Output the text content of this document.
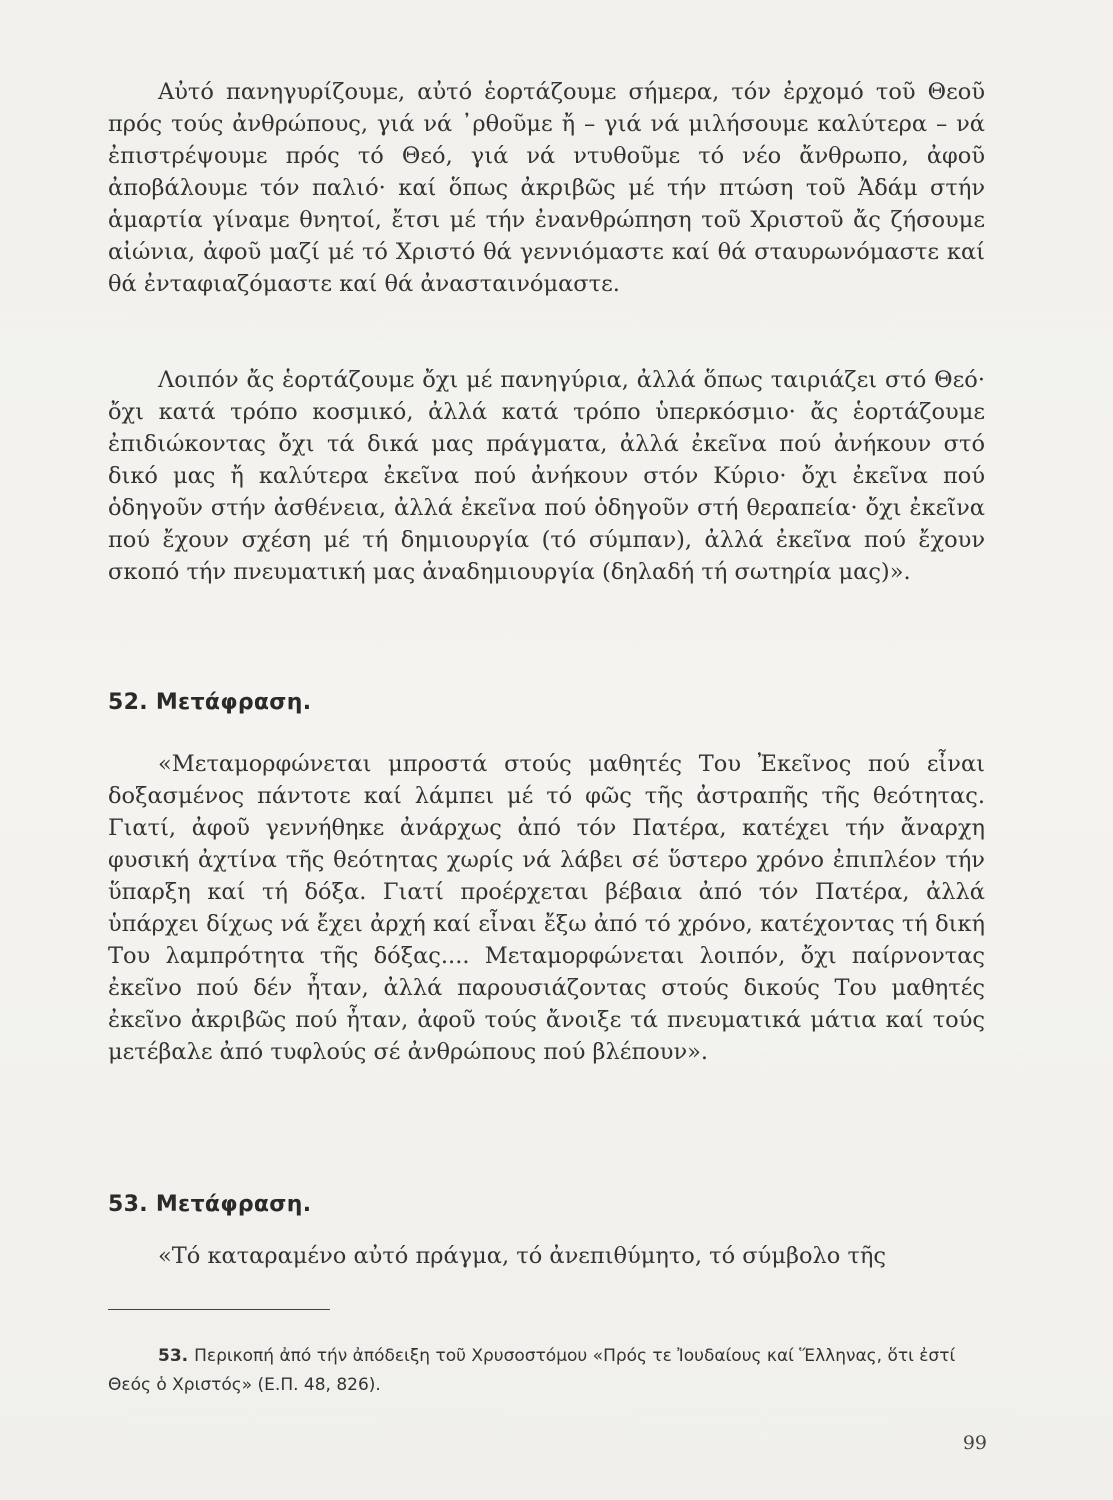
Αὐτό πανηγυρίζουμε, αὐτό ἑορτάζουμε σήμερα, τόν ἐρχομό τοῦ Θεοῦ πρός τούς ἀνθρώπους, γιά νά ᾿ρθοῦμε ἤ – γιά νά μιλήσουμε καλύτερα – νά ἐπιστρέψουμε πρός τό Θεό, γιά νά ντυθοῦμε τό νέο ἄνθρωπο, ἀφοῦ ἀποβάλουμε τόν παλιό· καί ὅπως ἀκριβῶς μέ τήν πτώση τοῦ Ἀδάμ στήν ἁμαρτία γίναμε θνητοί, ἔτσι μέ τήν ἐνανθρώπηση τοῦ Χριστοῦ ἄς ζήσουμε αἰώνια, ἀφοῦ μαζί μέ τό Χριστό θά γεννιόμαστε καί θά σταυρωνόμαστε καί θά ἐνταφιαζόμαστε καί θά ἀνασταινόμαστε.

Λοιπόν ἄς ἑορτάζουμε ὄχι μέ πανηγύρια, ἀλλά ὅπως ταιριάζει στό Θεό· ὄχι κατά τρόπο κοσμικό, ἀλλά κατά τρόπο ὑπερκόσμιο· ἄς ἑορτάζουμε ἐπιδιώκοντας ὄχι τά δικά μας πράγματα, ἀλλά ἐκεῖνα πού ἀνήκουν στό δικό μας ἤ καλύτερα ἐκεῖνα πού ἀνήκουν στόν Κύριο· ὄχι ἐκεῖνα πού ὁδηγοῦν στήν ἀσθένεια, ἀλλά ἐκεῖνα πού ὁδηγοῦν στή θεραπεία· ὄχι ἐκεῖνα πού ἔχουν σχέση μέ τή δημιουργία (τό σύμπαν), ἀλλά ἐκεῖνα πού ἔχουν σκοπό τήν πνευματική μας ἀναδημιουργία (δηλαδή τή σωτηρία μας)».

52. Μετάφραση.

«Μεταμορφώνεται μπροστά στούς μαθητές Του Ἐκεῖνος πού εἶναι δοξασμένος πάντοτε καί λάμπει μέ τό φῶς τῆς ἀστραπῆς τῆς θεότητας. Γιατί, ἀφοῦ γεννήθηκε ἀνάρχως ἀπό τόν Πατέρα, κατέχει τήν ἄναρχη φυσική ἀχτίνα τῆς θεότητας χωρίς νά λάβει σέ ὕστερο χρόνο ἐπιπλέον τήν ὕπαρξη καί τή δόξα. Γιατί προέρχεται βέβαια ἀπό τόν Πατέρα, ἀλλά ὑπάρχει δίχως νά ἔχει ἀρχή καί εἶναι ἔξω ἀπό τό χρόνο, κατέχοντας τή δική Του λαμπρότητα τῆς δόξας.... Μεταμορφώνεται λοιπόν, ὄχι παίρνοντας ἐκεῖνο πού δέν ἦταν, ἀλλά παρουσιάζοντας στούς δικούς Του μαθητές ἐκεῖνο ἀκριβῶς πού ἦταν, ἀφοῦ τούς ἄνοιξε τά πνευματικά μάτια καί τούς μετέβαλε ἀπό τυφλούς σέ ἀνθρώπους πού βλέπουν».

53. Μετάφραση.

«Τό καταραμένο αὐτό πράγμα, τό ἀνεπιθύμητο, τό σύμβολο τῆς

53. Περικοπή ἀπό τήν ἀπόδειξη τοῦ Χρυσοστόμου «Πρός τε Ἰουδαίους καί Ἕλληνας, ὅτι ἐστί Θεός ὁ Χριστός» (Ε.Π. 48, 826).

99
